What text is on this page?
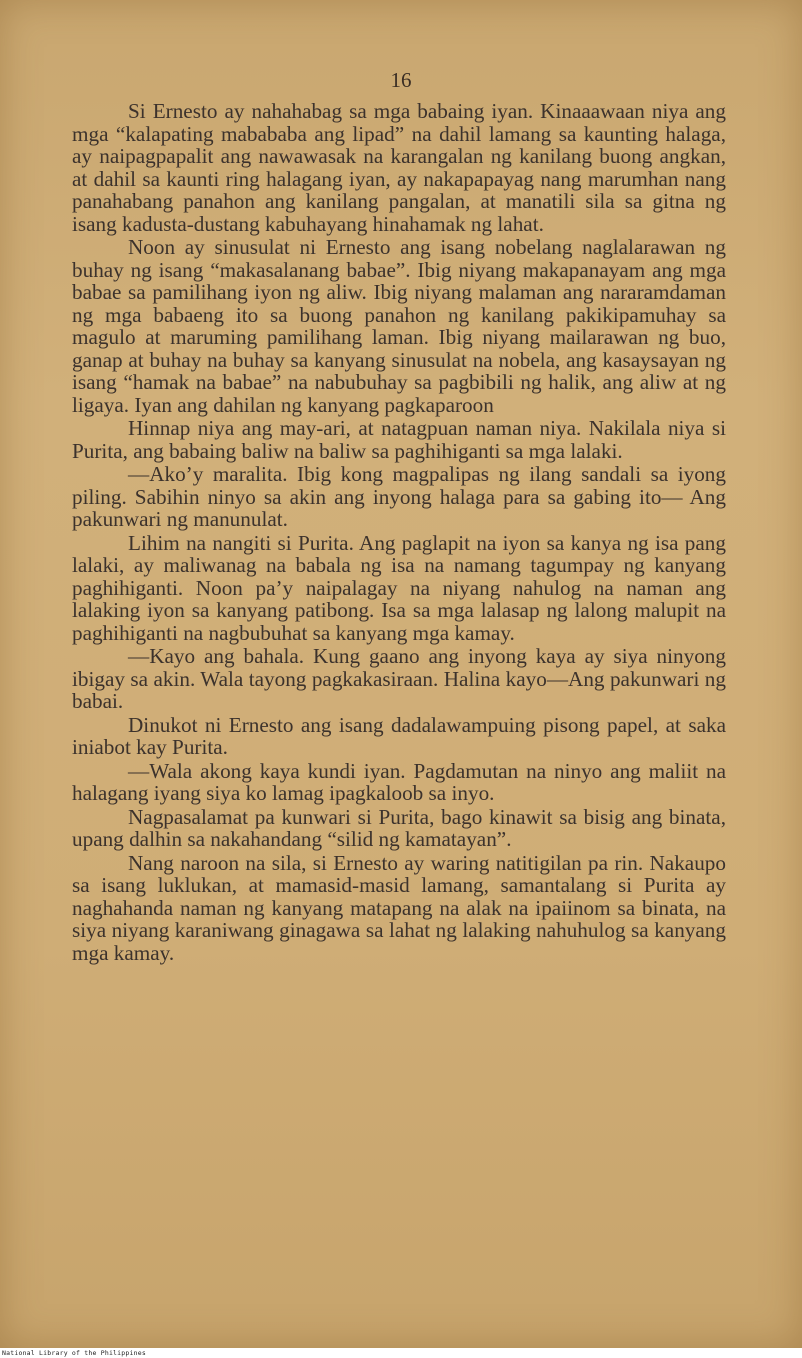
16

Si Ernesto ay nahahabag sa mga babaing iyan. Kinaaawaan niya ang mga “kalapating mabababa ang lipad” na dahil lamang sa kaunting halaga, ay naipagpapalit ang nawawasak na karangalan ng kanilang buong angkan, at dahil sa kaunti ring halagang iyan, ay nakapapayag nang marumhan nang panahabang panahon ang kanilang pangalan, at manatili sila sa gitna ng isang kadusta-dustang kabuhayang hinahamak ng lahat.

Noon ay sinusulat ni Ernesto ang isang nobelang naglalarawan ng buhay ng isang “makasalanang babae”. Ibig niyang makapanayam ang mga babae sa pamilihang iyon ng aliw. Ibig niyang malaman ang nararamdaman ng mga babaeng ito sa buong panahon ng kanilang pakikipamuhay sa magulo at maruming pamilihang laman. Ibig niyang mailarawan ng buo, ganap at buhay na buhay sa kanyang sinusulat na nobela, ang kasaysayan ng isang “hamak na babae” na nabubuhay sa pagbibili ng halik, ang aliw at ng ligaya. Iyan ang dahilan ng kanyang pagkaparoon

Hinnap niya ang may-ari, at natagpuan naman niya. Nakilala niya si Purita, ang babaing baliw na baliw sa paghihiganti sa mga lalaki.

—Ako’y maralita. Ibig kong magpalipas ng ilang sandali sa iyong piling. Sabihin ninyo sa akin ang inyong halaga para sa gabing ito— Ang pakunwari ng manunulat.

Lihim na nangiti si Purita. Ang paglapit na iyon sa kanya ng isa pang lalaki, ay maliwanag na babala ng isa na namang tagumpay ng kanyang paghihiganti. Noon pa’y naipalagay na niyang nahulog na naman ang lalaking iyon sa kanyang patibong. Isa sa mga lalasap ng lalong malupit na paghihiganti na nagbubuhat sa kanyang mga kamay.

—Kayo ang bahala. Kung gaano ang inyong kaya ay siya ninyong ibigay sa akin. Wala tayong pagkakasiraan. Halina kayo—Ang pakunwari ng babai.

Dinukot ni Ernesto ang isang dadalawampuing pisong papel, at saka iniabot kay Purita.

—Wala akong kaya kundi iyan. Pagdamutan na ninyo ang maliit na halagang iyang siya ko lamag ipagkaloob sa inyo.

Nagpasalamat pa kunwari si Purita, bago kinawit sa bisig ang binata, upang dalhin sa nakahandang “silid ng kamatayan”.

Nang naroon na sila, si Ernesto ay waring natitigilan pa rin. Nakaupo sa isang luklukan, at mamasid-masid lamang, samantalang si Purita ay naghahanda naman ng kanyang matapang na alak na ipaiinom sa binata, na siya niyang karaniwang ginagawa sa lahat ng lalaking nahuhulog sa kanyang mga kamay.

National Library of the Philippines
